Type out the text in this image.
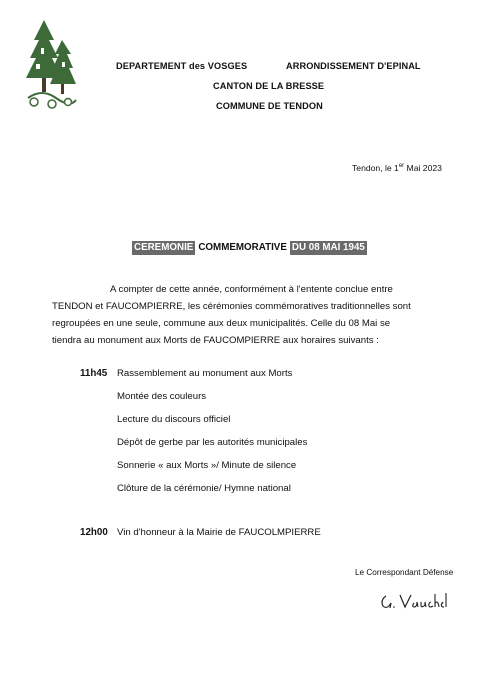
DEPARTEMENT des VOSGES	ARRONDISSEMENT D'EPINAL
CANTON DE LA BRESSE
COMMUNE DE TENDON
Tendon, le 1er Mai 2023
CEREMONIE COMMEMORATIVE DU 08 MAI 1945

A compter de cette année, conformément à l'entente conclue entre

TENDON et FAUCOMPIERRE, les cérémonies commémoratives traditionnelles sont

regroupées en une seule, commune aux deux municipalités. Celle du 08 Mai se

tiendra au monument aux Morts de FAUCOMPIERRE aux horaires suivants :

11h45 Rassemblement au monument aux Morts
Montée des couleurs
Lecture du discours officiel
Dépôt de gerbe par les autorités municipales
Sonnerie « aux Morts »/ Minute de silence
Clôture de la cérémonie/ Hymne national
12h00 Vin d'honneur à la Mairie de FAUCOLMPIERRE
Le Correspondant Défense
